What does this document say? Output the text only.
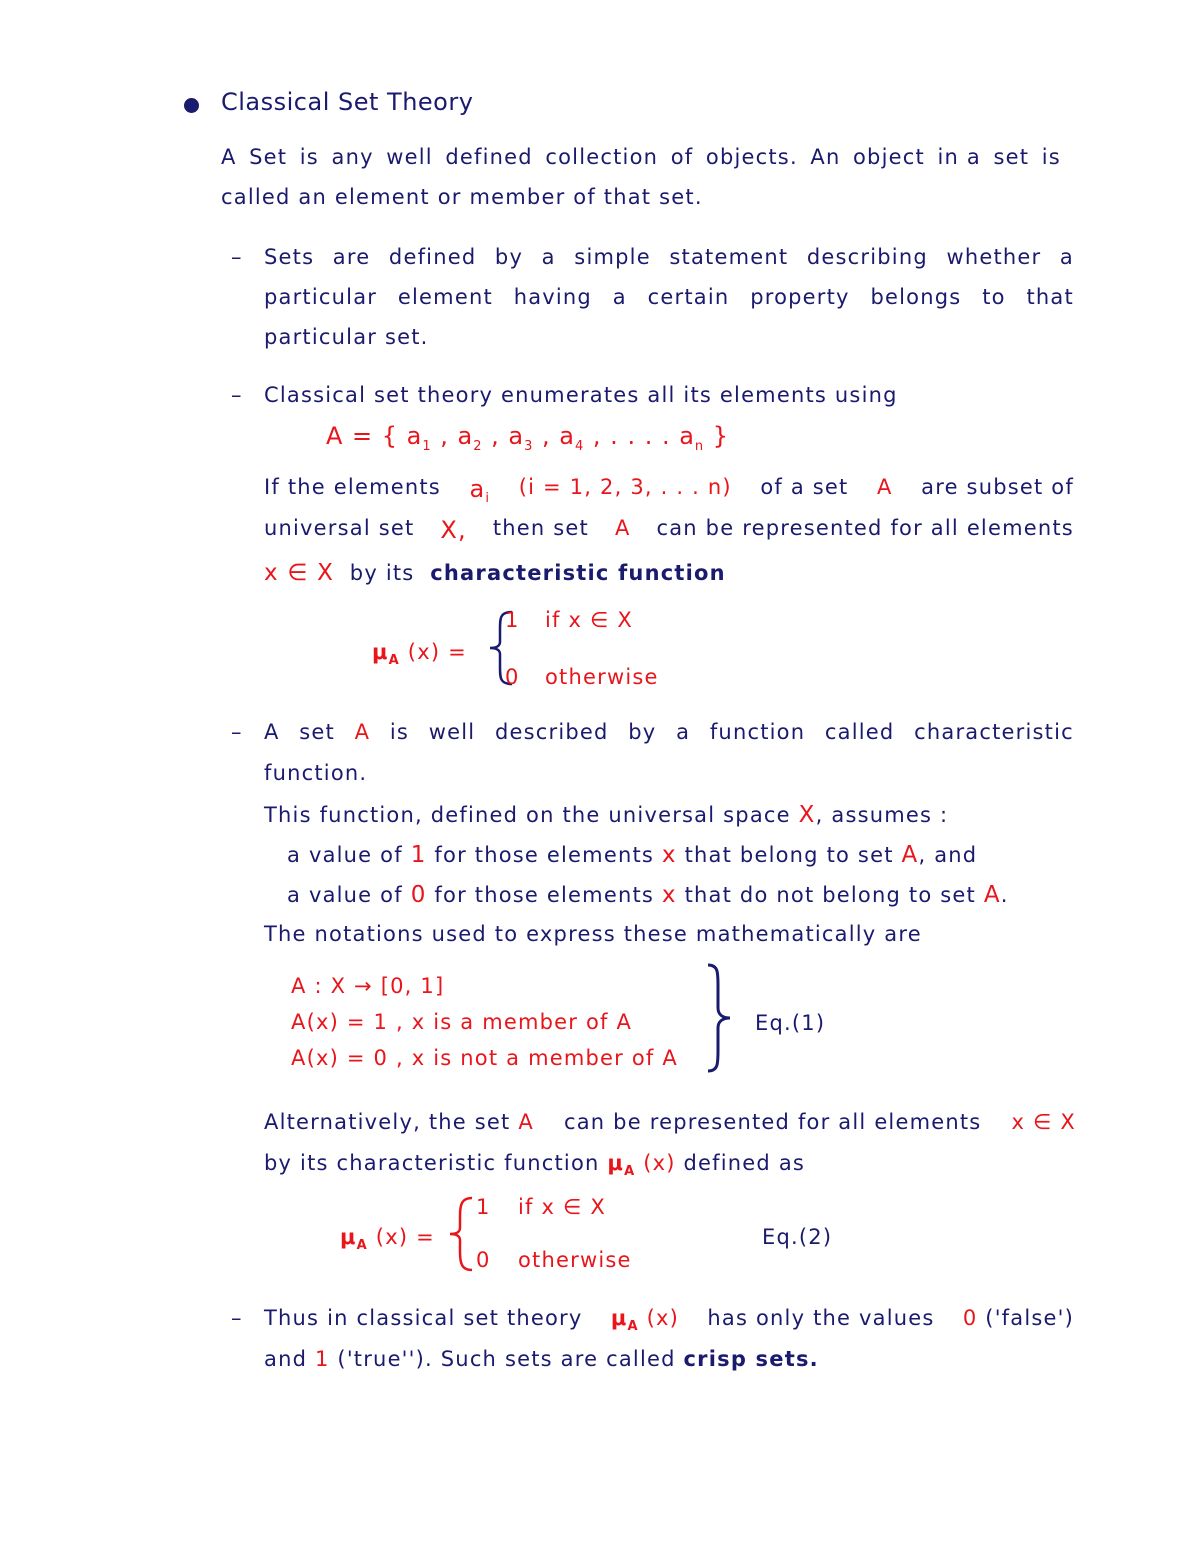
Classical Set Theory
A Set is any well defined collection of objects. An object in a set is
called an element or member of that set.
– Sets are defined by a simple statement describing whether a
particular element having a certain property belongs to that
particular set.
– Classical set theory enumerates all its elements using
A = { $a_1$ , $a_2$ , $a_3$ , $a_4$ , . . . . $a_n$ }
If the elements $a_i$ (i = 1, 2, 3, . . . n) of a set A are subset of
universal set X, then set A can be represented for all elements
x ∈ X by its characteristic function
$\mu_A$ (x) =
1 if x ∈ X
0 otherwise
– A set A is well described by a function called characteristic
function.
This function, defined on the universal space X, assumes :
a value of 1 for those elements x that belong to set A, and
a value of 0 for those elements x that do not belong to set A.
The notations used to express these mathematically are
A : X → [0, 1]
A(x) = 1 , x is a member of A
A(x) = 0 , x is not a member of A
Eq.(1)
Alternatively, the set A can be represented for all elements x ∈ X
by its characteristic function $\mu_A$ (x) defined as
$\mu_A$ (x) =
1 if x ∈ X
0 otherwise
Eq.(2)
– Thus in classical set theory $\mu_A$ (x) has only the values 0 ('false')
and 1 ('true''). Such sets are called crisp sets.
